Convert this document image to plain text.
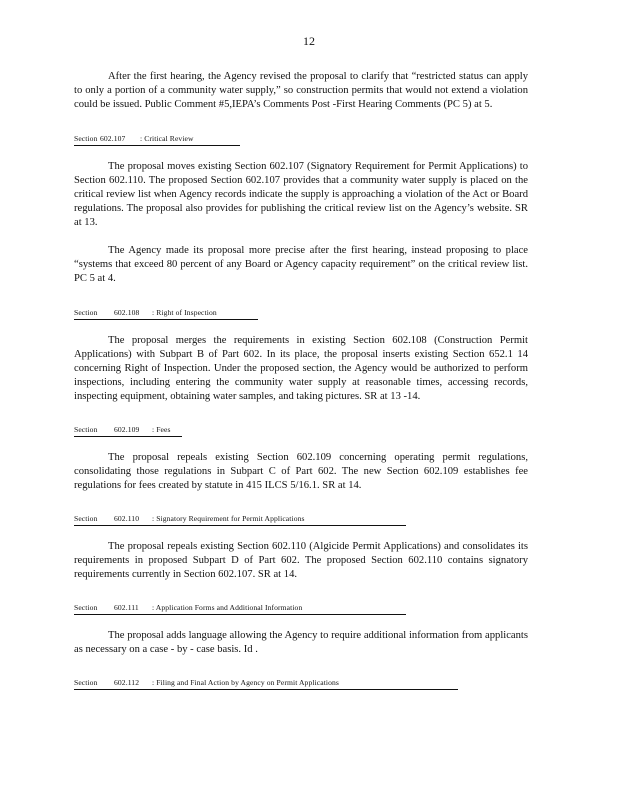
12

After the first hearing, the Agency revised the proposal to clarify that “restricted status can apply to only a portion of a community water supply,” so construction permits that would not extend a violation could be issued. Public Comment #5,IEPA’s Comments Post -First Hearing Comments (PC 5) at 5.

Section 602.107 : Critical Review

The proposal moves existing Section 602.107 (Signatory Requirement for Permit Applications) to Section 602.110. The proposed Section 602.107 provides that a community water supply is placed on the critical review list when Agency records indicate the supply is approaching a violation of the Act or Board regulations. The proposal also provides for publishing the critical review list on the Agency’s website. SR at 13.

The Agency made its proposal more precise after the first hearing, instead proposing to place “systems that exceed 80 percent of any Board or Agency capacity requirement” on the critical review list. PC 5 at 4.

Section 602.108 : Right of Inspection

The proposal merges the requirements in existing Section 602.108 (Construction Permit Applications) with Subpart B of Part 602. In its place, the proposal inserts existing Section 652.1 14 concerning Right of Inspection. Under the proposed section, the Agency would be authorized to perform inspections, including entering the community water supply at reasonable times, accessing records, inspecting equipment, obtaining water samples, and taking pictures. SR at 13 -14.

Section 602.109 : Fees

The proposal repeals existing Section 602.109 concerning operating permit regulations, consolidating those regulations in Subpart C of Part 602. The new Section 602.109 establishes fee regulations for fees created by statute in 415 ILCS 5/16.1. SR at 14.

Section 602.110 : Signatory Requirement for Permit Applications

The proposal repeals existing Section 602.110 (Algicide Permit Applications) and consolidates its requirements in proposed Subpart D of Part 602. The proposed Section 602.110 contains signatory requirements currently in Section 602.107. SR at 14.

Section 602.111 : Application Forms and Additional Information

The proposal adds language allowing the Agency to require additional information from applicants as necessary on a case - by - case basis. Id .

Section 602.112 : Filing and Final Action by Agency on Permit Applications
